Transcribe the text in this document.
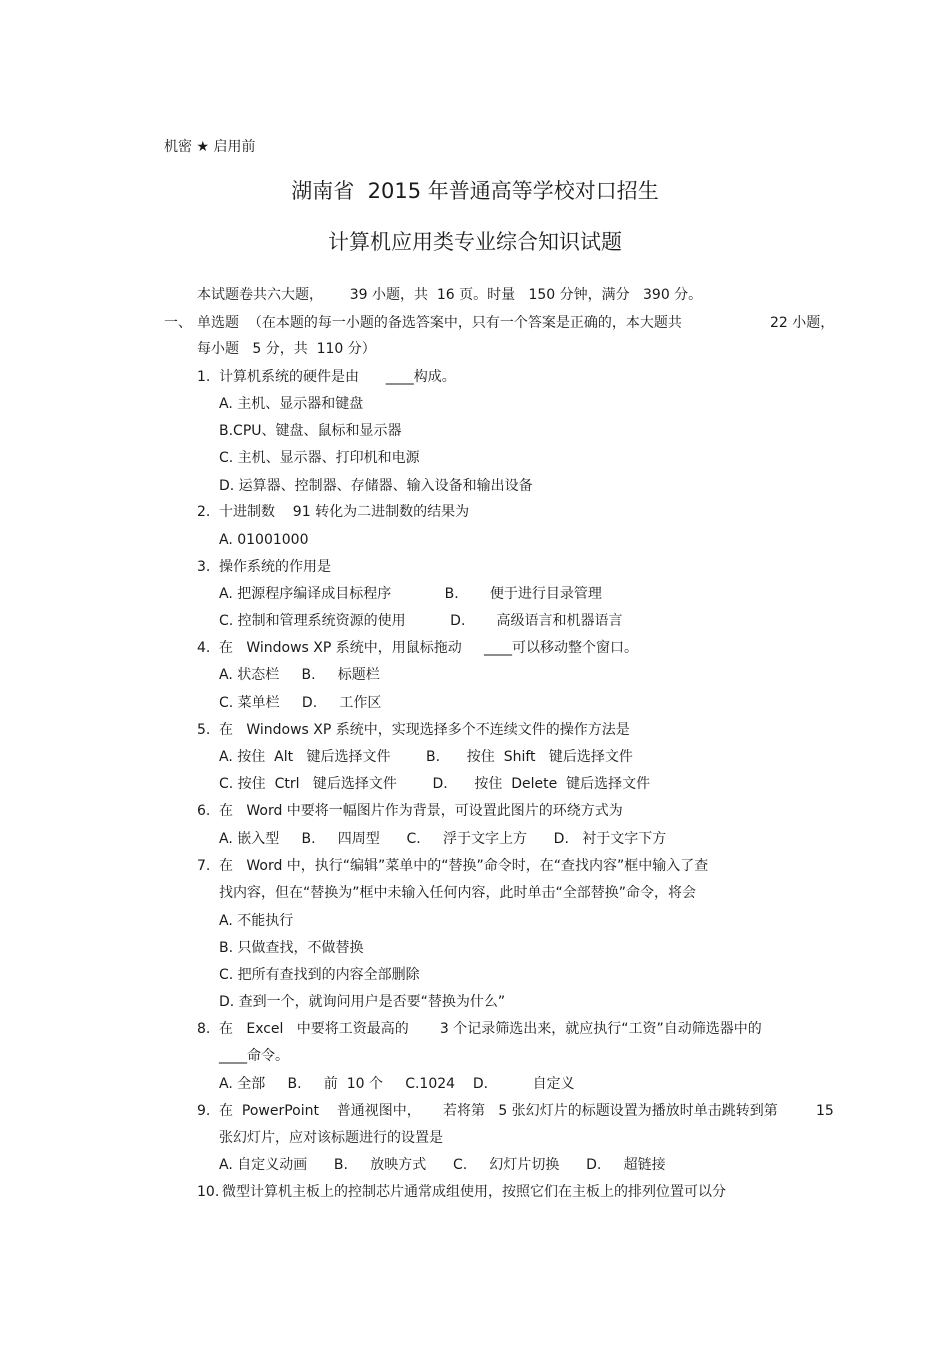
机密 ★ 启用前
湖南省  2015 年普通高等学校对口招生
计算机应用类专业综合知识试题
本试题卷共六大题，      39 小题，共  16 页。时量   150 分钟，满分   390 分。
一、 单选题  （在本题的每一小题的备选答案中，只有一个答案是正确的，本大题共	22 小题，
每小题   5 分，共  110 分）
1. 计算机系统的硬件是由      ____构成。
A. 主机、显示器和键盘
B.CPU、键盘、鼠标和显示器
C. 主机、显示器、打印机和电源
D. 运算器、控制器、存储器、输入设备和输出设备
2. 十进制数    91 转化为二进制数的结果为
A. 01001000
3. 操作系统的作用是
A. 把源程序编译成目标程序            B.       便于进行目录管理
C. 控制和管理系统资源的使用          D.       高级语言和机器语言
4. 在   Windows XP 系统中，用鼠标拖动     ____可以移动整个窗口。
A. 状态栏     B.     标题栏
C. 菜单栏     D.     工作区
5. 在   Windows XP 系统中，实现选择多个不连续文件的操作方法是
A. 按住  Alt   键后选择文件        B.      按住  Shift   键后选择文件
C. 按住  Ctrl   键后选择文件        D.      按住  Delete  键后选择文件
6. 在   Word 中要将一幅图片作为背景，可设置此图片的环绕方式为
A. 嵌入型     B.     四周型      C.     浮于文字上方      D.   衬于文字下方
7. 在   Word 中，执行“编辑”菜单中的“替换”命令时，在“查找内容”框中输入了查
找内容，但在“替换为”框中未输入任何内容，此时单击“全部替换”命令，将会
A. 不能执行
B. 只做查找，不做替换
C. 把所有查找到的内容全部删除
D. 查到一个，就询问用户是否要“替换为什么”
8. 在   Excel   中要将工资最高的       3 个记录筛选出来，就应执行“工资”自动筛选器中的
____命令。
A. 全部     B.     前  10 个     C.1024    D.          自定义
9. 在  PowerPoint    普通视图中，     若将第   5 张幻灯片的标题设置为播放时单击跳转到第	15
张幻灯片，应对该标题进行的设置是
A. 自定义动画      B.     放映方式      C.     幻灯片切换      D.     超链接
10. 微型计算机主板上的控制芯片通常成组使用，按照它们在主板上的排列位置可以分
